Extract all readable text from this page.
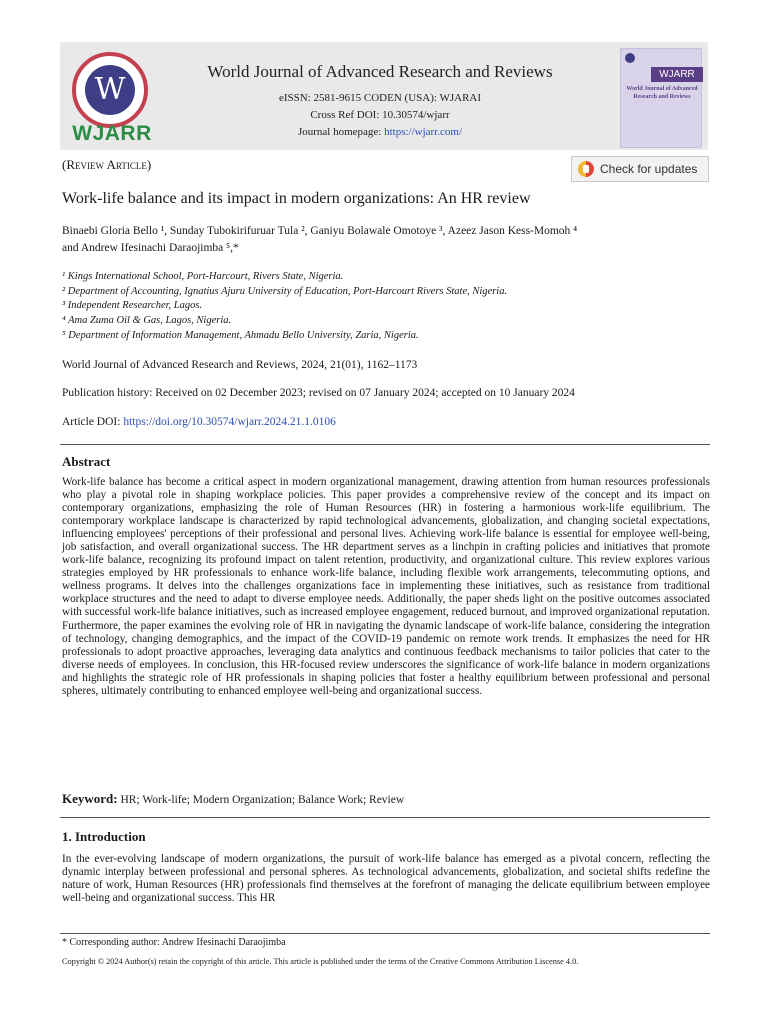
W
WJARR
World Journal of Advanced Research and Reviews
eISSN: 2581-9615 CODEN (USA): WJARAI
Cross Ref DOI: 10.30574/wjarr
Journal homepage: https://wjarr.com/
WJARR
World Journal of Advanced Research and Reviews
(Review Article)	Check for updates
Work-life balance and its impact in modern organizations: An HR review
Binaebi Gloria Bello ¹, Sunday Tubokirifuruar Tula ², Ganiyu Bolawale Omotoye ³, Azeez Jason Kess-Momoh ⁴
and Andrew Ifesinachi Daraojimba ⁵,*
¹ Kings International School, Port-Harcourt, Rivers State, Nigeria.
² Department of Accounting, Ignatius Ajuru University of Education, Port-Harcourt Rivers State, Nigeria.
³ Independent Researcher, Lagos.
⁴ Ama Zuma Oil & Gas, Lagos, Nigeria.
⁵ Department of Information Management, Ahmadu Bello University, Zaria, Nigeria.
World Journal of Advanced Research and Reviews, 2024, 21(01), 1162–1173
Publication history: Received on 02 December 2023; revised on 07 January 2024; accepted on 10 January 2024
Article DOI: https://doi.org/10.30574/wjarr.2024.21.1.0106
Abstract
Work-life balance has become a critical aspect in modern organizational management, drawing attention from human resources professionals who play a pivotal role in shaping workplace policies. This paper provides a comprehensive review of the concept and its impact on contemporary organizations, emphasizing the role of Human Resources (HR) in fostering a harmonious work-life equilibrium. The contemporary workplace landscape is characterized by rapid technological advancements, globalization, and changing societal expectations, influencing employees' perceptions of their professional and personal lives. Achieving work-life balance is essential for employee well-being, job satisfaction, and overall organizational success. The HR department serves as a linchpin in crafting policies and initiatives that promote work-life balance, recognizing its profound impact on talent retention, productivity, and organizational culture. This review explores various strategies employed by HR professionals to enhance work-life balance, including flexible work arrangements, telecommuting options, and wellness programs. It delves into the challenges organizations face in implementing these initiatives, such as resistance from traditional workplace structures and the need to adapt to diverse employee needs. Additionally, the paper sheds light on the positive outcomes associated with successful work-life balance initiatives, such as increased employee engagement, reduced burnout, and improved organizational reputation. Furthermore, the paper examines the evolving role of HR in navigating the dynamic landscape of work-life balance, considering the integration of technology, changing demographics, and the impact of the COVID-19 pandemic on remote work trends. It emphasizes the need for HR professionals to adopt proactive approaches, leveraging data analytics and continuous feedback mechanisms to tailor policies that cater to the diverse needs of employees. In conclusion, this HR-focused review underscores the significance of work-life balance in modern organizations and highlights the strategic role of HR professionals in shaping policies that foster a healthy equilibrium between professional and personal spheres, ultimately contributing to enhanced employee well-being and organizational success.
Keyword: HR; Work-life; Modern Organization; Balance Work; Review
1. Introduction
In the ever-evolving landscape of modern organizations, the pursuit of work-life balance has emerged as a pivotal concern, reflecting the dynamic interplay between professional and personal spheres. As technological advancements, globalization, and societal shifts redefine the nature of work, Human Resources (HR) professionals find themselves at the forefront of managing the delicate equilibrium between employee well-being and organizational success. This HR
* Corresponding author: Andrew Ifesinachi Daraojimba
Copyright © 2024 Author(s) retain the copyright of this article. This article is published under the terms of the Creative Commons Attribution Liscense 4.0.
